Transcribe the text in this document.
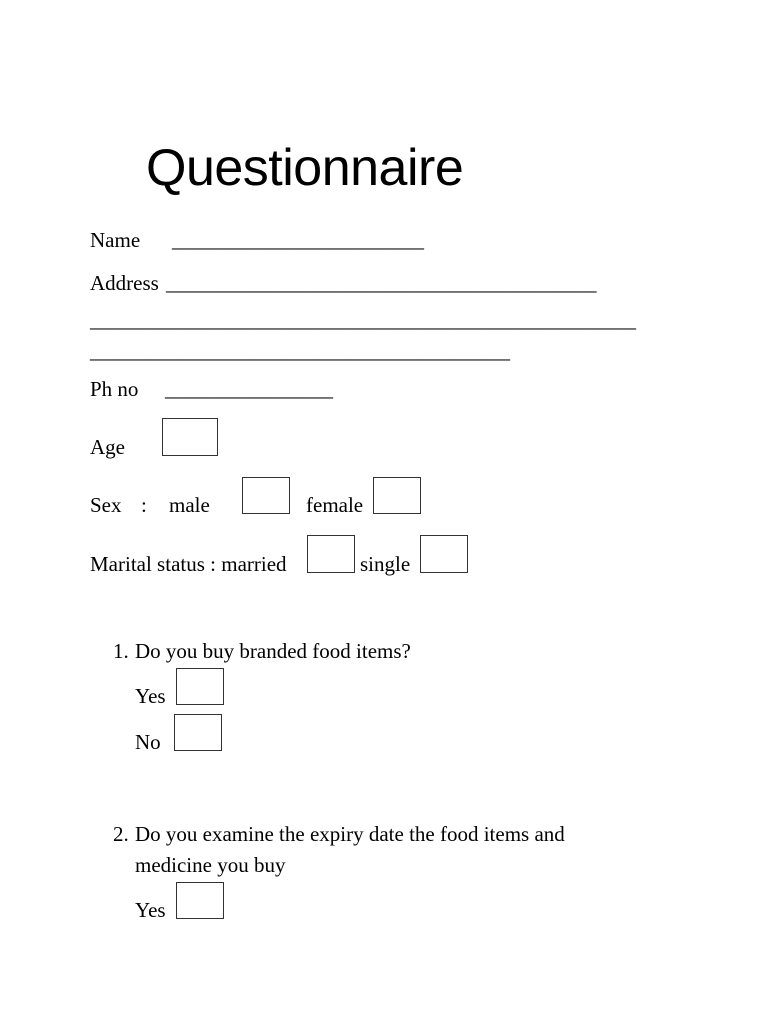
Questionnaire
Name ________________________
Address _________________________________________
____________________________________________________
________________________________________
Ph no ________________
Age
Sex : male	female
Marital status : married	single
1. Do you buy branded food items?
Yes
No
2. Do you examine the expiry date the food items and
medicine you buy
Yes
